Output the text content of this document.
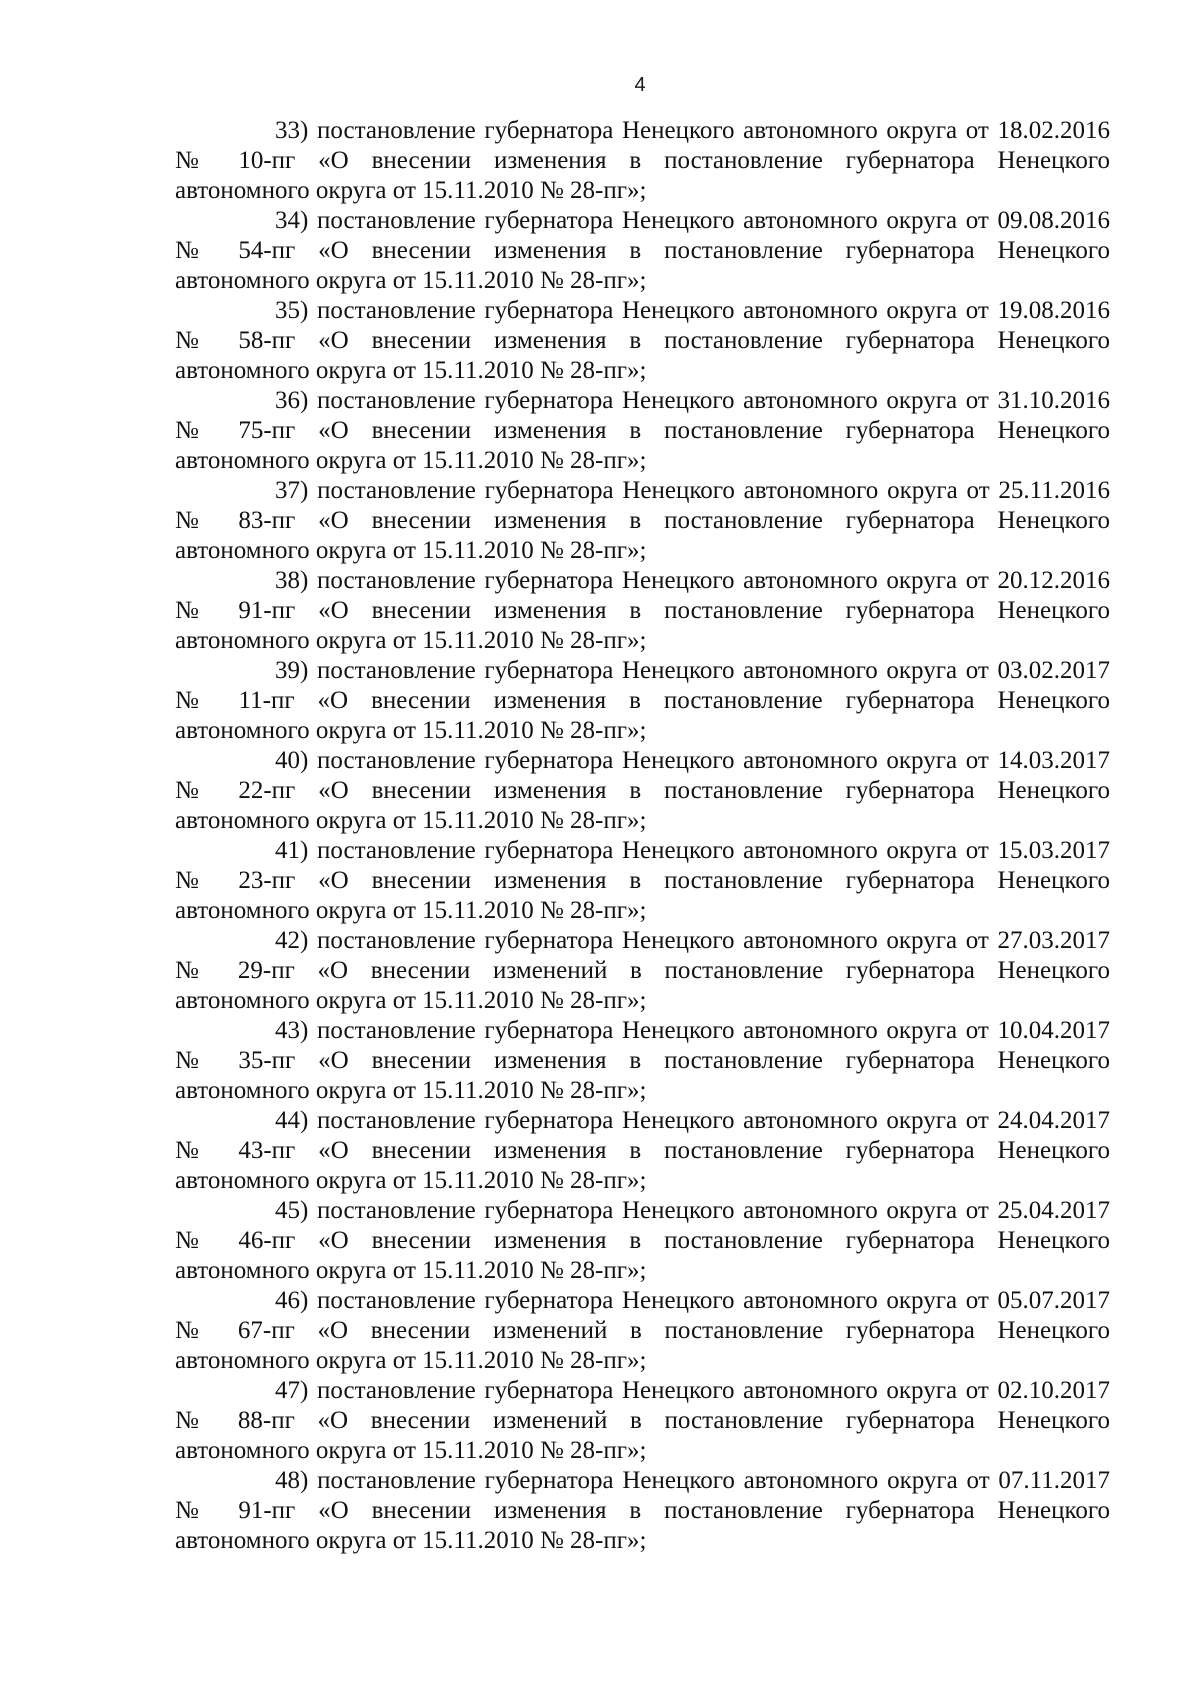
4
33) постановление губернатора Ненецкого автономного округа от 18.02.2016
№ 10-пг «О внесении изменения в постановление губернатора Ненецкого
автономного округа от 15.11.2010 № 28-пг»;
34) постановление губернатора Ненецкого автономного округа от 09.08.2016
№ 54-пг «О внесении изменения в постановление губернатора Ненецкого
автономного округа от 15.11.2010 № 28-пг»;
35) постановление губернатора Ненецкого автономного округа от 19.08.2016
№ 58-пг «О внесении изменения в постановление губернатора Ненецкого
автономного округа от 15.11.2010 № 28-пг»;
36) постановление губернатора Ненецкого автономного округа от 31.10.2016
№ 75-пг «О внесении изменения в постановление губернатора Ненецкого
автономного округа от 15.11.2010 № 28-пг»;
37) постановление губернатора Ненецкого автономного округа от 25.11.2016
№ 83-пг «О внесении изменения в постановление губернатора Ненецкого
автономного округа от 15.11.2010 № 28-пг»;
38) постановление губернатора Ненецкого автономного округа от 20.12.2016
№ 91-пг «О внесении изменения в постановление губернатора Ненецкого
автономного округа от 15.11.2010 № 28-пг»;
39) постановление губернатора Ненецкого автономного округа от 03.02.2017
№ 11-пг «О внесении изменения в постановление губернатора Ненецкого
автономного округа от 15.11.2010 № 28-пг»;
40) постановление губернатора Ненецкого автономного округа от 14.03.2017
№ 22-пг «О внесении изменения в постановление губернатора Ненецкого
автономного округа от 15.11.2010 № 28-пг»;
41) постановление губернатора Ненецкого автономного округа от 15.03.2017
№ 23-пг «О внесении изменения в постановление губернатора Ненецкого
автономного округа от 15.11.2010 № 28-пг»;
42) постановление губернатора Ненецкого автономного округа от 27.03.2017
№ 29-пг «О внесении изменений в постановление губернатора Ненецкого
автономного округа от 15.11.2010 № 28-пг»;
43) постановление губернатора Ненецкого автономного округа от 10.04.2017
№ 35-пг «О внесении изменения в постановление губернатора Ненецкого
автономного округа от 15.11.2010 № 28-пг»;
44) постановление губернатора Ненецкого автономного округа от 24.04.2017
№ 43-пг «О внесении изменения в постановление губернатора Ненецкого
автономного округа от 15.11.2010 № 28-пг»;
45) постановление губернатора Ненецкого автономного округа от 25.04.2017
№ 46-пг «О внесении изменения в постановление губернатора Ненецкого
автономного округа от 15.11.2010 № 28-пг»;
46) постановление губернатора Ненецкого автономного округа от 05.07.2017
№ 67-пг «О внесении изменений в постановление губернатора Ненецкого
автономного округа от 15.11.2010 № 28-пг»;
47) постановление губернатора Ненецкого автономного округа от 02.10.2017
№ 88-пг «О внесении изменений в постановление губернатора Ненецкого
автономного округа от 15.11.2010 № 28-пг»;
48) постановление губернатора Ненецкого автономного округа от 07.11.2017
№ 91-пг «О внесении изменения в постановление губернатора Ненецкого
автономного округа от 15.11.2010 № 28-пг»;
